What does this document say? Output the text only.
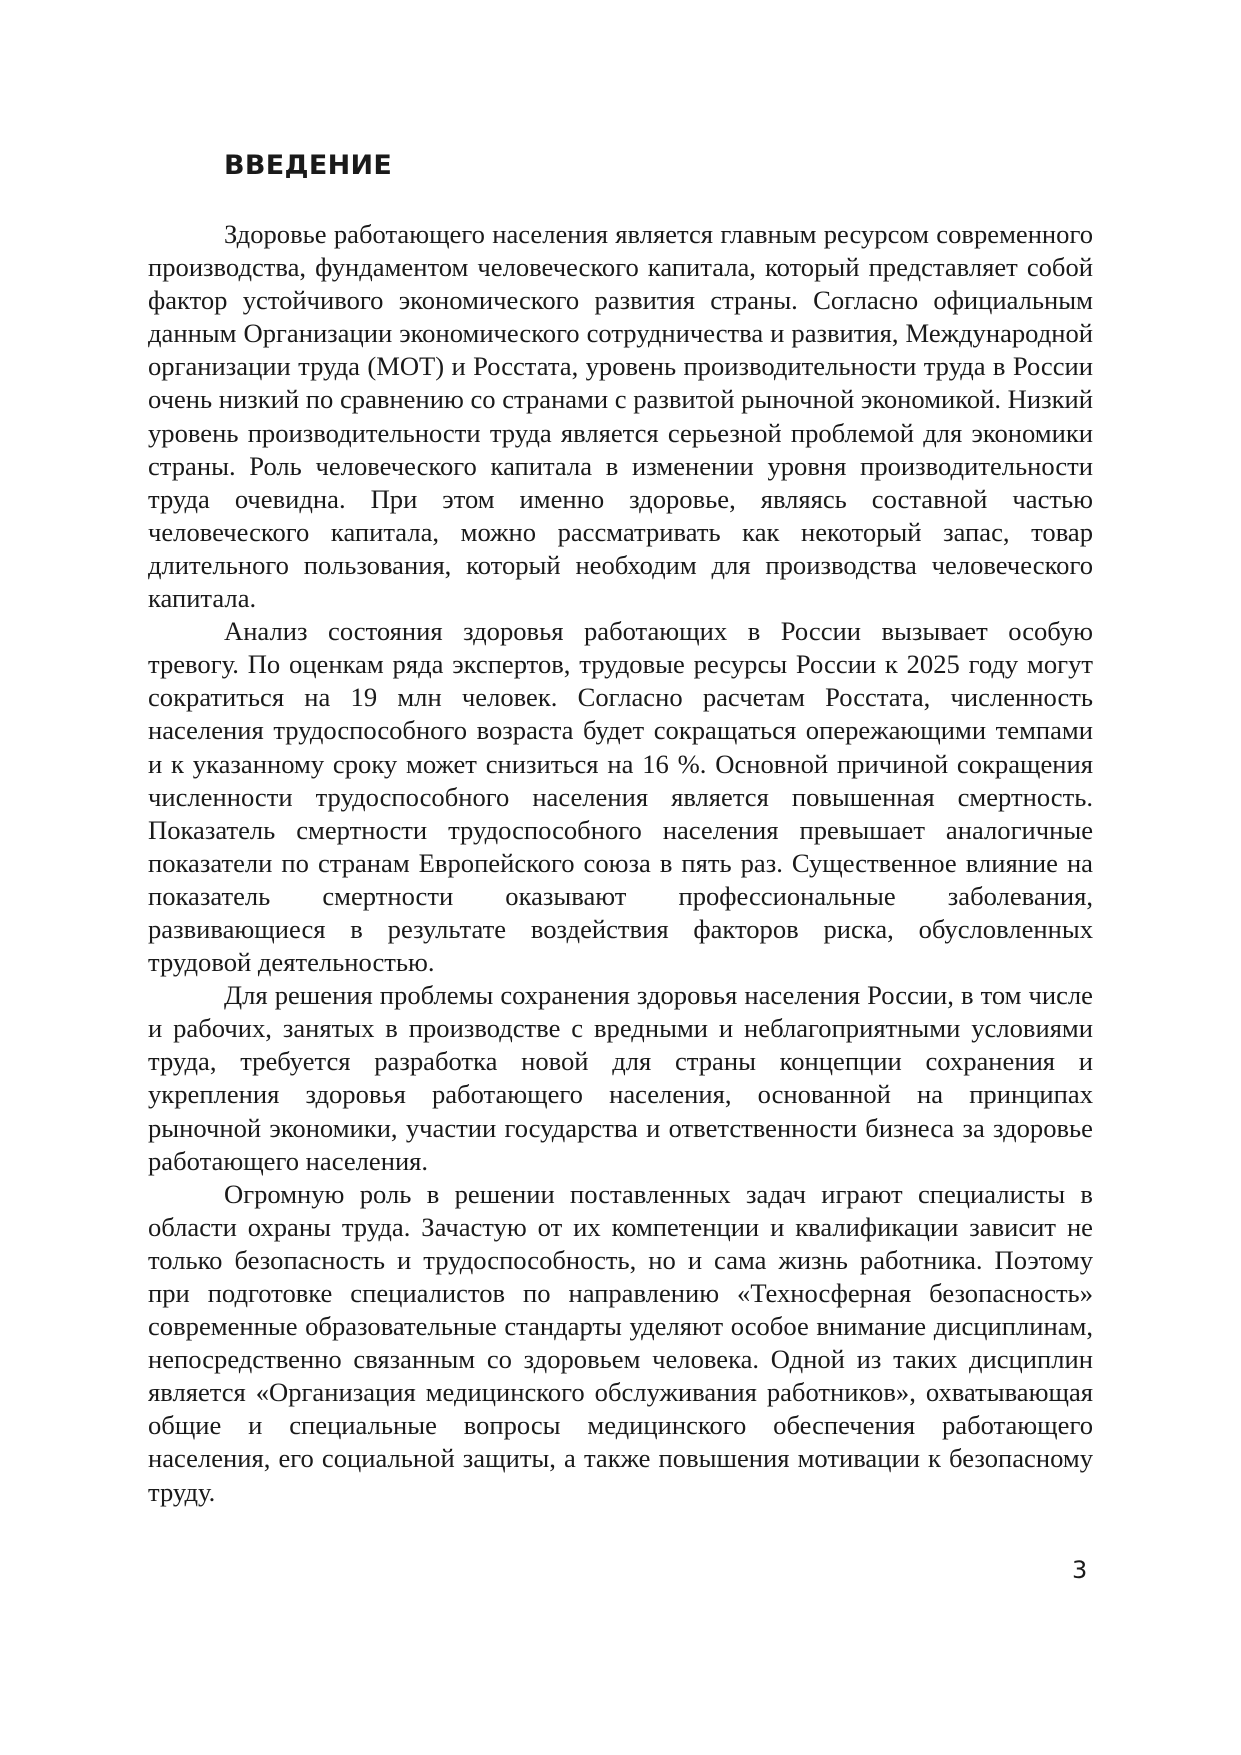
ВВЕДЕНИЕ

Здоровье работающего населения является главным ресурсом современного производства, фундаментом человеческого капитала, который представляет собой фактор устойчивого экономического развития страны. Согласно официальным данным Организации экономического сотрудничества и развития, Международной организации труда (МОТ) и Росстата, уровень производительности труда в России очень низкий по сравнению со странами с развитой рыночной экономикой. Низкий уровень производительности труда является серьезной проблемой для экономики страны. Роль человеческого капитала в изменении уровня производительности труда очевидна. При этом именно здоровье, являясь составной частью человеческого капитала, можно рассматривать как некоторый запас, товар длительного пользования, который необходим для производства человеческого капитала.

Анализ состояния здоровья работающих в России вызывает особую тревогу. По оценкам ряда экспертов, трудовые ресурсы России к 2025 году могут сократиться на 19 млн человек. Согласно расчетам Росстата, численность населения трудоспособного возраста будет сокращаться опережающими темпами и к указанному сроку может снизиться на 16 %. Основной причиной сокращения численности трудоспособного населения является повышенная смертность. Показатель смертности трудоспособного населения превышает аналогичные показатели по странам Европейского союза в пять раз. Существенное влияние на показатель смертности оказывают профессиональные заболевания, развивающиеся в результате воздействия факторов риска, обусловленных трудовой деятельностью.

Для решения проблемы сохранения здоровья населения России, в том числе и рабочих, занятых в производстве с вредными и неблагоприятными условиями труда, требуется разработка новой для страны концепции сохранения и укрепления здоровья работающего населения, основанной на принципах рыночной экономики, участии государства и ответственности бизнеса за здоровье работающего населения.

Огромную роль в решении поставленных задач играют специалисты в области охраны труда. Зачастую от их компетенции и квалификации зависит не только безопасность и трудоспособность, но и сама жизнь работника. Поэтому при подготовке специалистов по направлению «Техносферная безопасность» современные образовательные стандарты уделяют особое внимание дисциплинам, непосредственно связанным со здоровьем человека. Одной из таких дисциплин является «Организация медицинского обслуживания работников», охватывающая общие и специальные вопросы медицинского обеспечения работающего населения, его социальной защиты, а также повышения мотивации к безопасному труду.

3
